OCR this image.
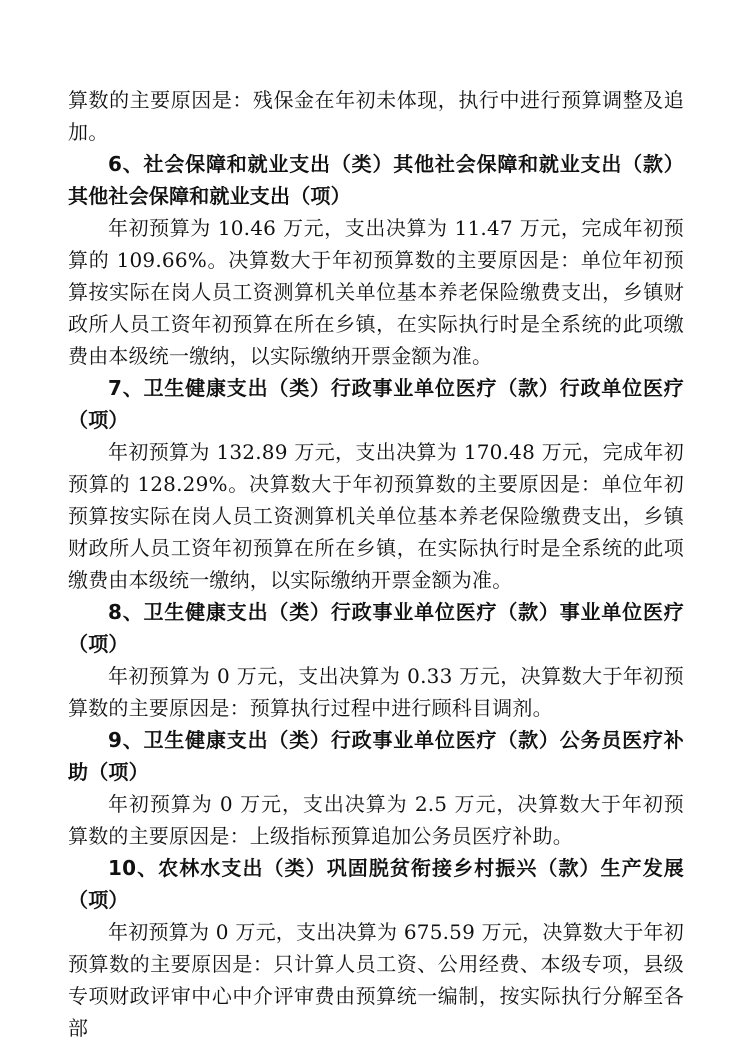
算数的主要原因是：残保金在年初未体现，执行中进行预算调整及追加。

6、社会保障和就业支出（类）其他社会保障和就业支出（款）其他社会保障和就业支出（项）

年初预算为 10.46 万元，支出决算为 11.47 万元，完成年初预算的 109.66%。决算数大于年初预算数的主要原因是：单位年初预算按实际在岗人员工资测算机关单位基本养老保险缴费支出，乡镇财政所人员工资年初预算在所在乡镇，在实际执行时是全系统的此项缴费由本级统一缴纳，以实际缴纳开票金额为准。

7、卫生健康支出（类）行政事业单位医疗（款）行政单位医疗（项）

年初预算为 132.89 万元，支出决算为 170.48 万元，完成年初预算的 128.29%。决算数大于年初预算数的主要原因是：单位年初预算按实际在岗人员工资测算机关单位基本养老保险缴费支出，乡镇财政所人员工资年初预算在所在乡镇，在实际执行时是全系统的此项缴费由本级统一缴纳，以实际缴纳开票金额为准。

8、卫生健康支出（类）行政事业单位医疗（款）事业单位医疗（项）

年初预算为 0 万元，支出决算为 0.33 万元，决算数大于年初预算数的主要原因是：预算执行过程中进行顾科目调剂。

9、卫生健康支出（类）行政事业单位医疗（款）公务员医疗补助（项）

年初预算为 0 万元，支出决算为 2.5 万元，决算数大于年初预算数的主要原因是：上级指标预算追加公务员医疗补助。

10、农林水支出（类）巩固脱贫衔接乡村振兴（款）生产发展（项）

年初预算为 0 万元，支出决算为 675.59 万元，决算数大于年初预算数的主要原因是：只计算人员工资、公用经费、本级专项，县级专项财政评审中心中介评审费由预算统一编制，按实际执行分解至各部
